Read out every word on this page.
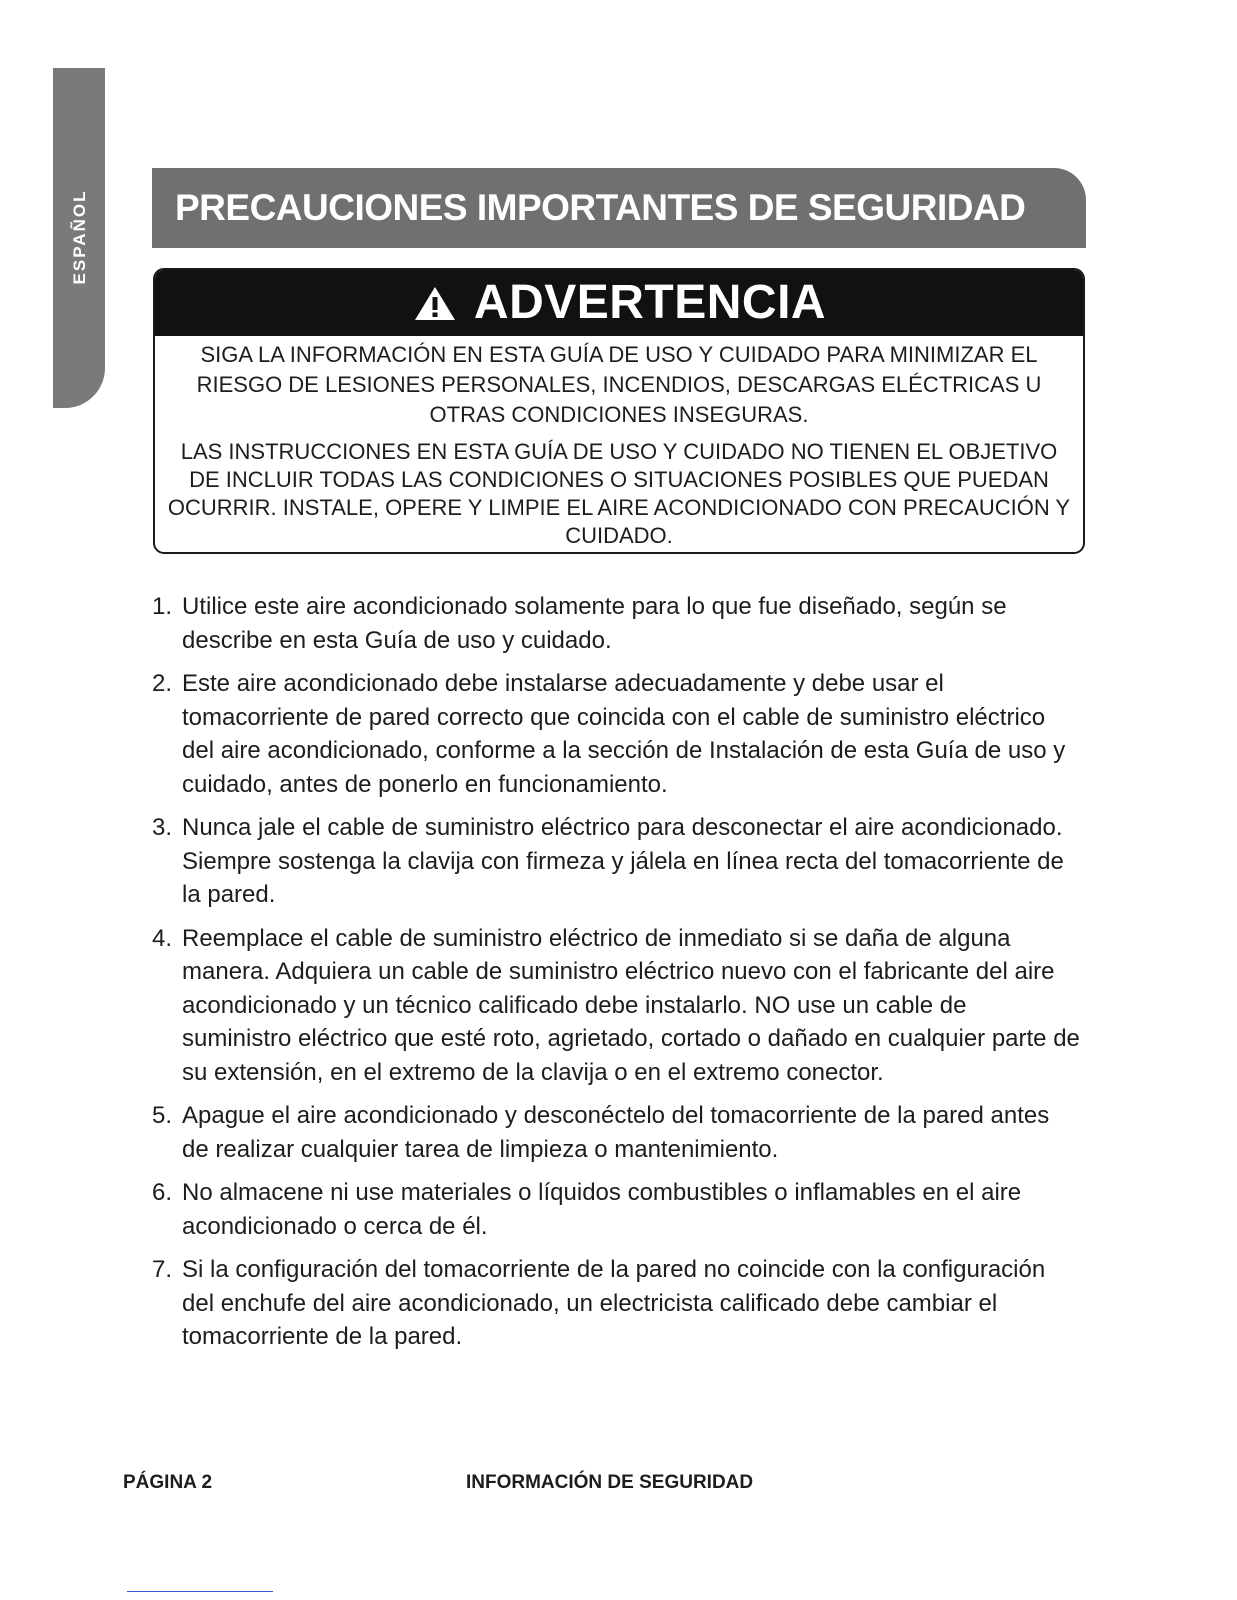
ESPAÑOL PRECAUCIONES IMPORTANTES DE SEGURIDAD
ADVERTENCIA

SIGA LA INFORMACIÓN EN ESTA GUÍA DE USO Y CUIDADO PARA MINIMIZAR EL RIESGO DE LESIONES PERSONALES, INCENDIOS, DESCARGAS ELÉCTRICAS U OTRAS CONDICIONES INSEGURAS.

LAS INSTRUCCIONES EN ESTA GUÍA DE USO Y CUIDADO NO TIENEN EL OBJETIVO DE INCLUIR TODAS LAS CONDICIONES O SITUACIONES POSIBLES QUE PUEDAN OCURRIR. INSTALE, OPERE Y LIMPIE EL AIRE ACONDICIONADO CON PRECAUCIÓN Y CUIDADO.

1. Utilice este aire acondicionado solamente para lo que fue diseñado, según se describe en esta Guía de uso y cuidado.
2. Este aire acondicionado debe instalarse adecuadamente y debe usar el tomacorriente de pared correcto que coincida con el cable de suministro eléctrico del aire acondicionado, conforme a la sección de Instalación de esta Guía de uso y cuidado, antes de ponerlo en funcionamiento.
3. Nunca jale el cable de suministro eléctrico para desconectar el aire acondicionado. Siempre sostenga la clavija con firmeza y jálela en línea recta del tomacorriente de la pared.
4. Reemplace el cable de suministro eléctrico de inmediato si se daña de alguna manera. Adquiera un cable de suministro eléctrico nuevo con el fabricante del aire acondicionado y un técnico calificado debe instalarlo. NO use un cable de suministro eléctrico que esté roto, agrietado, cortado o dañado en cualquier parte de su extensión, en el extremo de la clavija o en el extremo conector.
5. Apague el aire acondicionado y desconéctelo del tomacorriente de la pared antes de realizar cualquier tarea de limpieza o mantenimiento.
6. No almacene ni use materiales o líquidos combustibles o inflamables en el aire acondicionado o cerca de él.
7. Si la configuración del tomacorriente de la pared no coincide con la configuración del enchufe del aire acondicionado, un electricista calificado debe cambiar el tomacorriente de la pared.
PÁGINA 2	INFORMACIÓN DE SEGURIDAD
